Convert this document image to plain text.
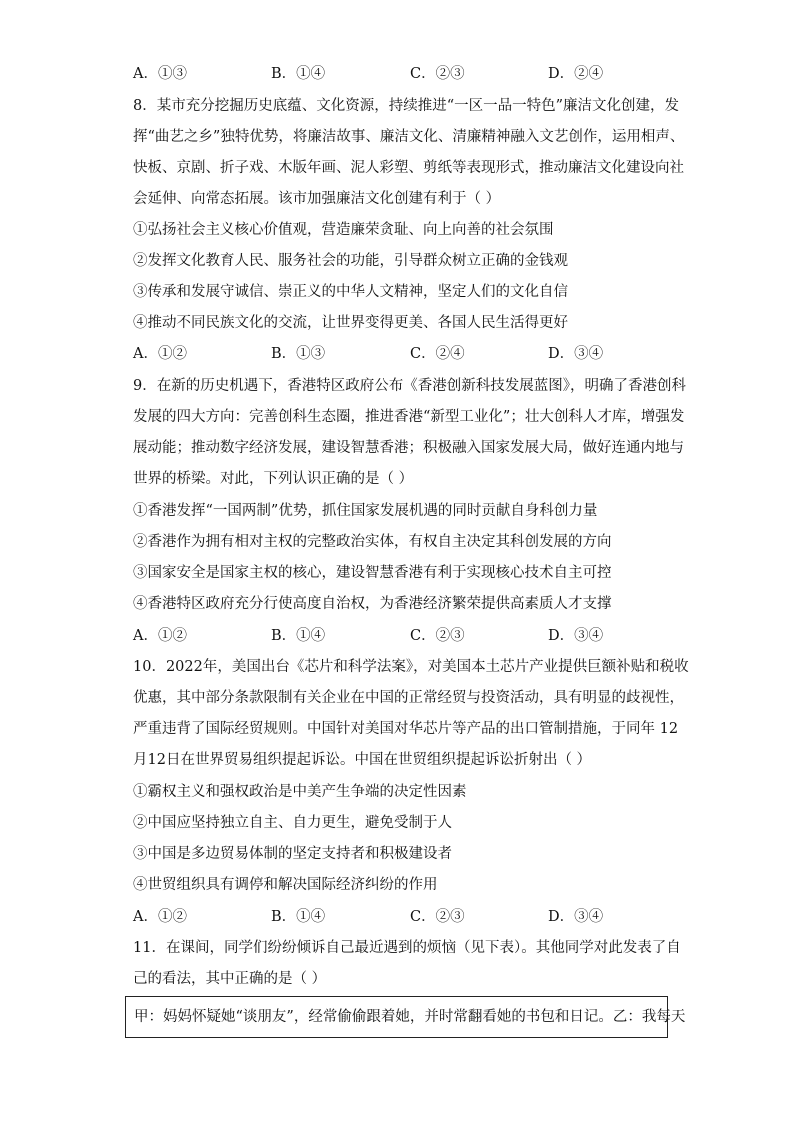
A．①③	B．①④	C．②③	D．②④
8．某市充分挖掘历史底蕴、文化资源，持续推进“一区一品一特色”廉洁文化创建，发
挥“曲艺之乡”独特优势，将廉洁故事、廉洁文化、清廉精神融入文艺创作，运用相声、
快板、京剧、折子戏、木版年画、泥人彩塑、剪纸等表现形式，推动廉洁文化建设向社
会延伸、向常态拓展。该市加强廉洁文化创建有利于（ ）
①弘扬社会主义核心价值观，营造廉荣贪耻、向上向善的社会氛围
②发挥文化教育人民、服务社会的功能，引导群众树立正确的金钱观
③传承和发展守诚信、崇正义的中华人文精神，坚定人们的文化自信
④推动不同民族文化的交流，让世界变得更美、各国人民生活得更好
A．①②	B．①③	C．②④	D．③④
9．在新的历史机遇下，香港特区政府公布《香港创新科技发展蓝图》，明确了香港创科
发展的四大方向：完善创科生态圈，推进香港“新型工业化”；壮大创科人才库，增强发
展动能；推动数字经济发展，建设智慧香港；积极融入国家发展大局，做好连通内地与
世界的桥梁。对此，下列认识正确的是（ ）
①香港发挥“一国两制”优势，抓住国家发展机遇的同时贡献自身科创力量
②香港作为拥有相对主权的完整政治实体，有权自主决定其科创发展的方向
③国家安全是国家主权的核心，建设智慧香港有利于实现核心技术自主可控
④香港特区政府充分行使高度自治权，为香港经济繁荣提供高素质人才支撑
A．①②	B．①④	C．②③	D．③④
10．2022年，美国出台《芯片和科学法案》，对美国本土芯片产业提供巨额补贴和税收
优惠，其中部分条款限制有关企业在中国的正常经贸与投资活动，具有明显的歧视性，
严重违背了国际经贸规则。中国针对美国对华芯片等产品的出口管制措施，于同年 12
月12日在世界贸易组织提起诉讼。中国在世贸组织提起诉讼折射出（ ）
①霸权主义和强权政治是中美产生争端的决定性因素
②中国应坚持独立自主、自力更生，避免受制于人
③中国是多边贸易体制的坚定支持者和积极建设者
④世贸组织具有调停和解决国际经济纠纷的作用
A．①②	B．①④	C．②③	D．③④
11．在课间，同学们纷纷倾诉自己最近遇到的烦恼（见下表）。其他同学对此发表了自
己的看法，其中正确的是（ ）
甲：妈妈怀疑她“谈朋友”，经常偷偷跟着她，并时常翻看她的书包和日记。乙：我每天
